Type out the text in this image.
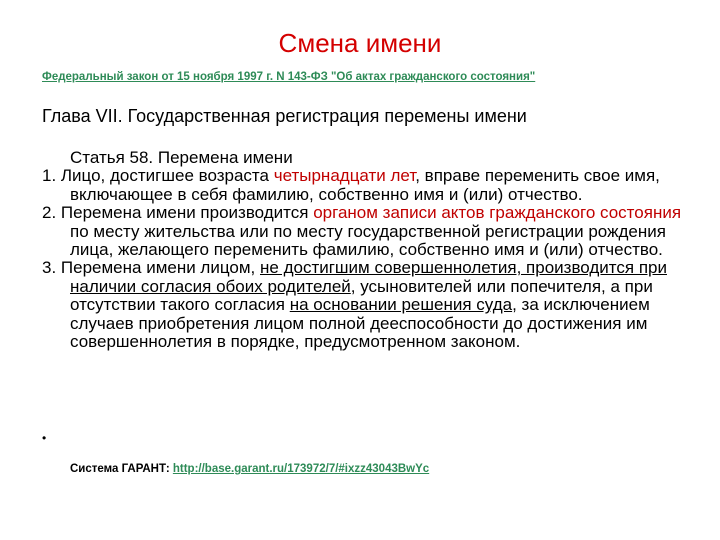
Смена имени
Федеральный закон от 15 ноября 1997 г. N 143-ФЗ "Об актах гражданского состояния"
Глава VII. Государственная регистрация перемены имени

Статья 58. Перемена имени

1. Лицо, достигшее возраста четырнадцати лет, вправе переменить свое имя, включающее в себя фамилию, собственно имя и (или) отчество.

2. Перемена имени производится органом записи актов гражданского состояния по месту жительства или по месту государственной регистрации рождения лица, желающего переменить фамилию, собственно имя и (или) отчество.

3. Перемена имени лицом, не достигшим совершеннолетия, производится при наличии согласия обоих родителей, усыновителей или попечителя, а при отсутствии такого согласия на основании решения суда, за исключением случаев приобретения лицом полной дееспособности до достижения им совершеннолетия в порядке, предусмотренном законом.

•
Система ГАРАНТ: http://base.garant.ru/173972/7/#ixzz43043BwYc
